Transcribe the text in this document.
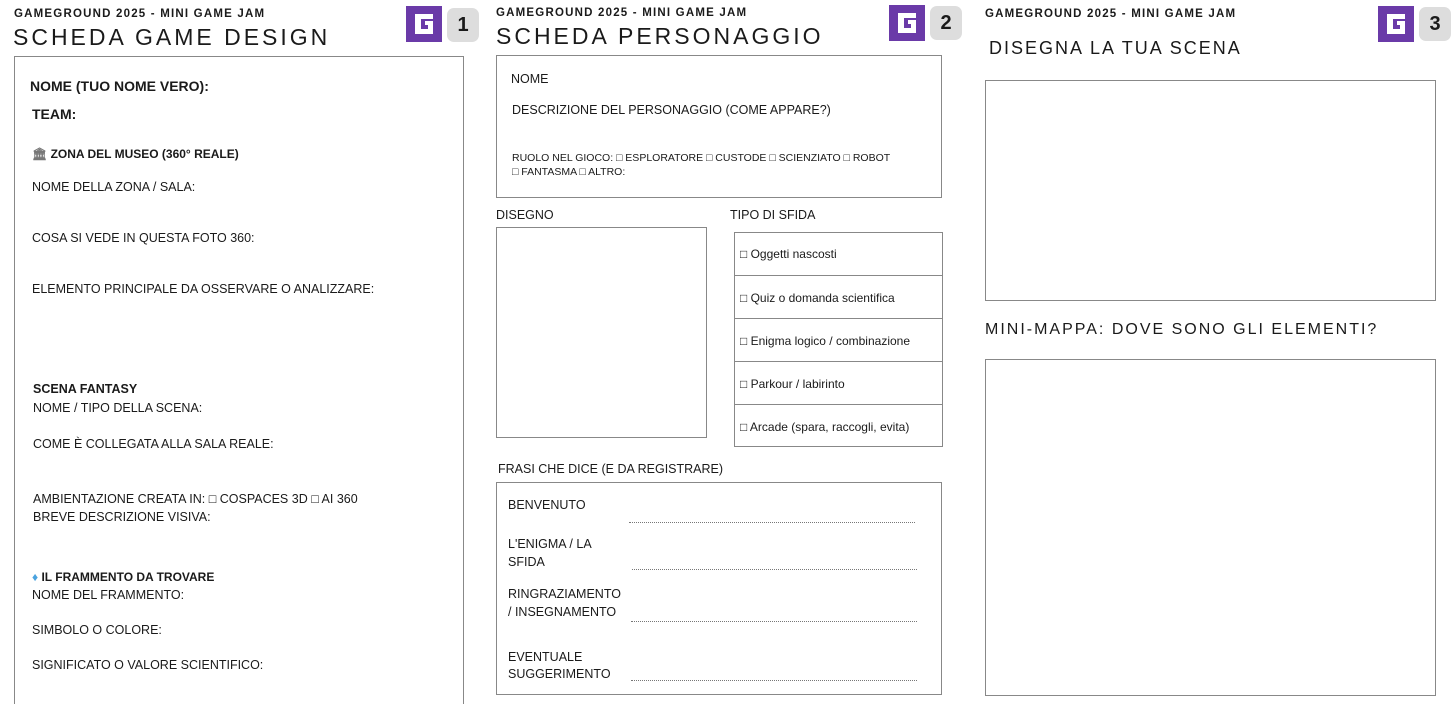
GAMEGROUND 2025 - MINI GAME JAM
SCHEDA GAME DESIGN	1
NOME (TUO NOME VERO):
TEAM:
🏛 ZONA DEL MUSEO (360° REALE)
NOME DELLA ZONA / SALA:
COSA SI VEDE IN QUESTA FOTO 360:
ELEMENTO PRINCIPALE DA OSSERVARE O ANALIZZARE:
SCENA FANTASY
NOME / TIPO DELLA SCENA:
COME È COLLEGATA ALLA SALA REALE:
AMBIENTAZIONE CREATA IN: □ COSPACES 3D □ AI 360
BREVE DESCRIZIONE VISIVA:
♦ IL FRAMMENTO DA TROVARE
NOME DEL FRAMMENTO:
SIMBOLO O COLORE:
SIGNIFICATO O VALORE SCIENTIFICO:
GAMEGROUND 2025 - MINI GAME JAM
SCHEDA PERSONAGGIO
2
NOME
DESCRIZIONE DEL PERSONAGGIO (COME APPARE?)
RUOLO NEL GIOCO: □ ESPLORATORE □ CUSTODE □ SCIENZIATO □ ROBOT
□ FANTASMA □ ALTRO:
DISEGNO	TIPO DI SFIDA
□ Oggetti nascosti
□ Quiz o domanda scientifica
□ Enigma logico / combinazione
□ Parkour / labirinto
□ Arcade (spara, raccogli, evita)
FRASI CHE DICE (E DA REGISTRARE)
BENVENUTO
L'ENIGMA / LA
SFIDA
RINGRAZIAMENTO
/ INSEGNAMENTO
EVENTUALE
SUGGERIMENTO
GAMEGROUND 2025 - MINI GAME JAM	3
DISEGNA LA TUA SCENA
MINI-MAPPA: DOVE SONO GLI ELEMENTI?
